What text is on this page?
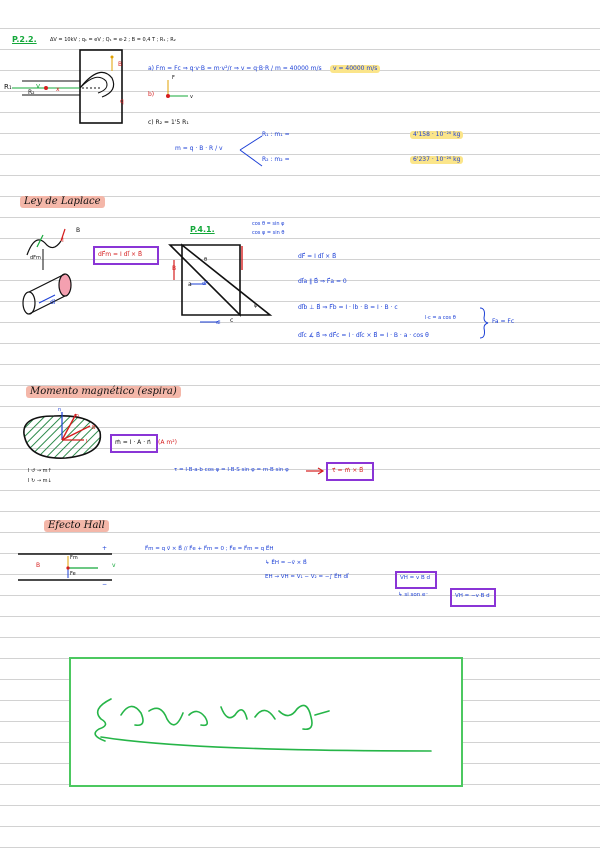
P.2.2.	ΔV = 10kV ; q₁ = eV ; Q₁ = e·2 ; B = 0,4 T ; R₁ ; R₂
R₁	v	x
R₂
B
q
a) Fm = Fc ⇒ q·v·B = m·v²/r ⇒ v = q·B·R / m = 40000 m/s	v = 40000 m/s
b)
F
v
c) R₂ = 1'5 R₁
m = q · B · R / v
R₁ : m₁ =	4'158 · 10⁻²⁶ kg
R₂ : m₂ =	6'237 · 10⁻²⁶ kg
Ley de Laplace
I
dl
B
dFm	dF⃗m = I dl⃗ × B⃗
P.4.1.
cos θ = sin φ
cos φ = sin θ
B
dF
dl
a
c
θ
φ
dF⃗ = I dl⃗ × B⃗
dl⃗a ∥ B⃗ ⇒ F⃗a = 0
dl⃗b ⊥ B⃗ ⇒ F⃗b = I · lb · B = I · B · c
l·c = a cos θ
dl⃗c ∡ B⃗ ⇒ dF⃗c = I · dl⃗c × B⃗ = I · B · a · cos θ
Fa = Fc
Momento magnético (espira)
n
m
B
I	m⃗ = I · A · n⃗ (A m²)
I ↺ → m↑
I ↻ → m↓
τ = I·B·a·b cos φ = I·B·S sin φ = m·B sin φ	τ⃗ = m⃗ × B⃗
Efecto Hall
B
Fm
Fe
v
+
−
F⃗m = q v⃗ × B⃗ // F⃗e + F⃗m = 0 ; F⃗e = F⃗m = q E⃗H
↳ E⃗H = −v⃗ × B⃗
EH → VH = V₁ − V₂ = −∫ E⃗H dl⃗	VH = v B d
↳ si son e⁻	VH = −v B d
